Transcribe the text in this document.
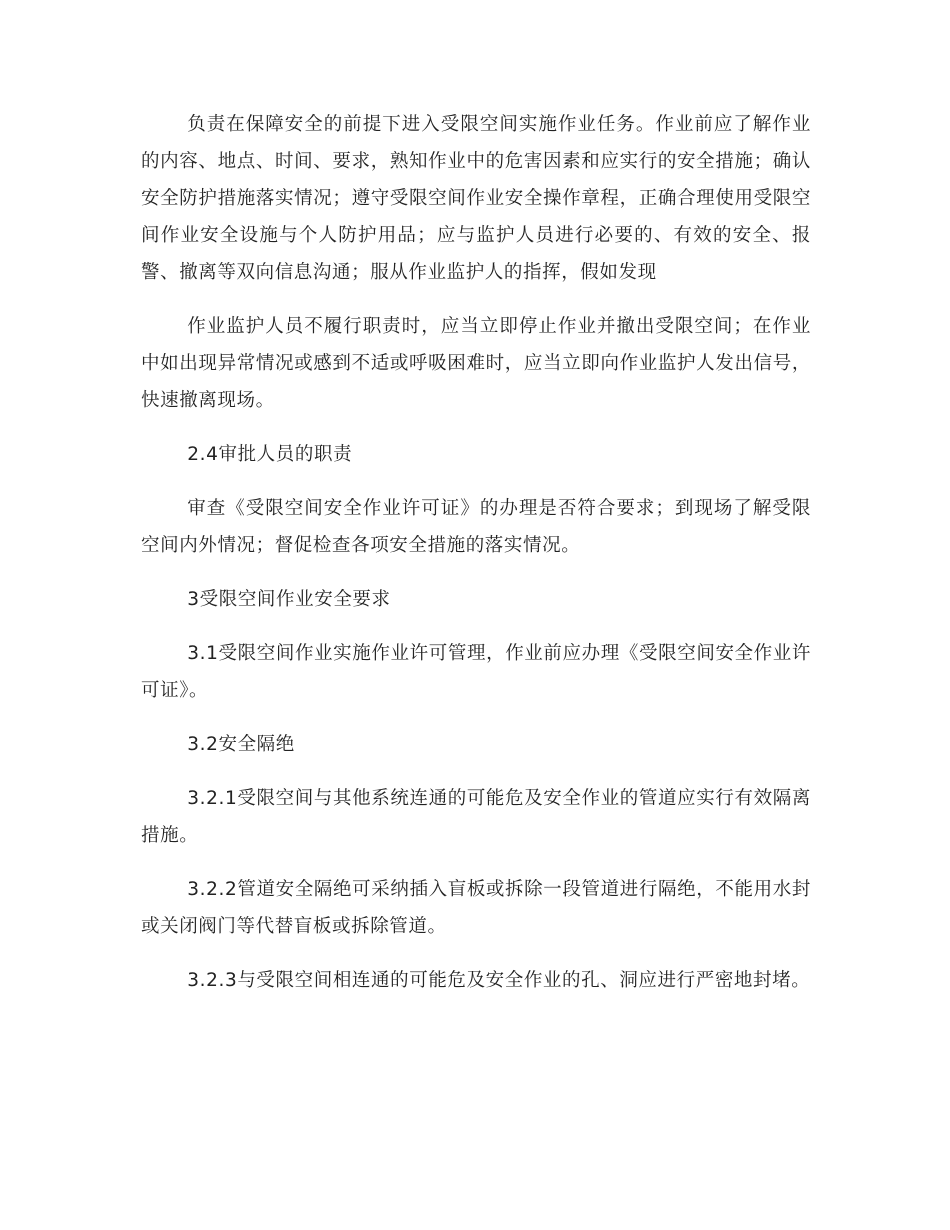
负责在保障安全的前提下进入受限空间实施作业任务。作业前应了解作业的内容、地点、时间、要求，熟知作业中的危害因素和应实行的安全措施；确认安全防护措施落实情况；遵守受限空间作业安全操作章程，正确合理使用受限空间作业安全设施与个人防护用品；应与监护人员进行必要的、有效的安全、报警、撤离等双向信息沟通；服从作业监护人的指挥，假如发现

作业监护人员不履行职责时，应当立即停止作业并撤出受限空间；在作业中如出现异常情况或感到不适或呼吸困难时，应当立即向作业监护人发出信号，快速撤离现场。

2.4审批人员的职责

审查《受限空间安全作业许可证》的办理是否符合要求；到现场了解受限空间内外情况；督促检查各项安全措施的落实情况。

3受限空间作业安全要求

3.1受限空间作业实施作业许可管理，作业前应办理《受限空间安全作业许可证》。

3.2安全隔绝

3.2.1受限空间与其他系统连通的可能危及安全作业的管道应实行有效隔离措施。

3.2.2管道安全隔绝可采纳插入盲板或拆除一段管道进行隔绝，不能用水封或关闭阀门等代替盲板或拆除管道。

3.2.3与受限空间相连通的可能危及安全作业的孔、洞应进行严密地封堵。
